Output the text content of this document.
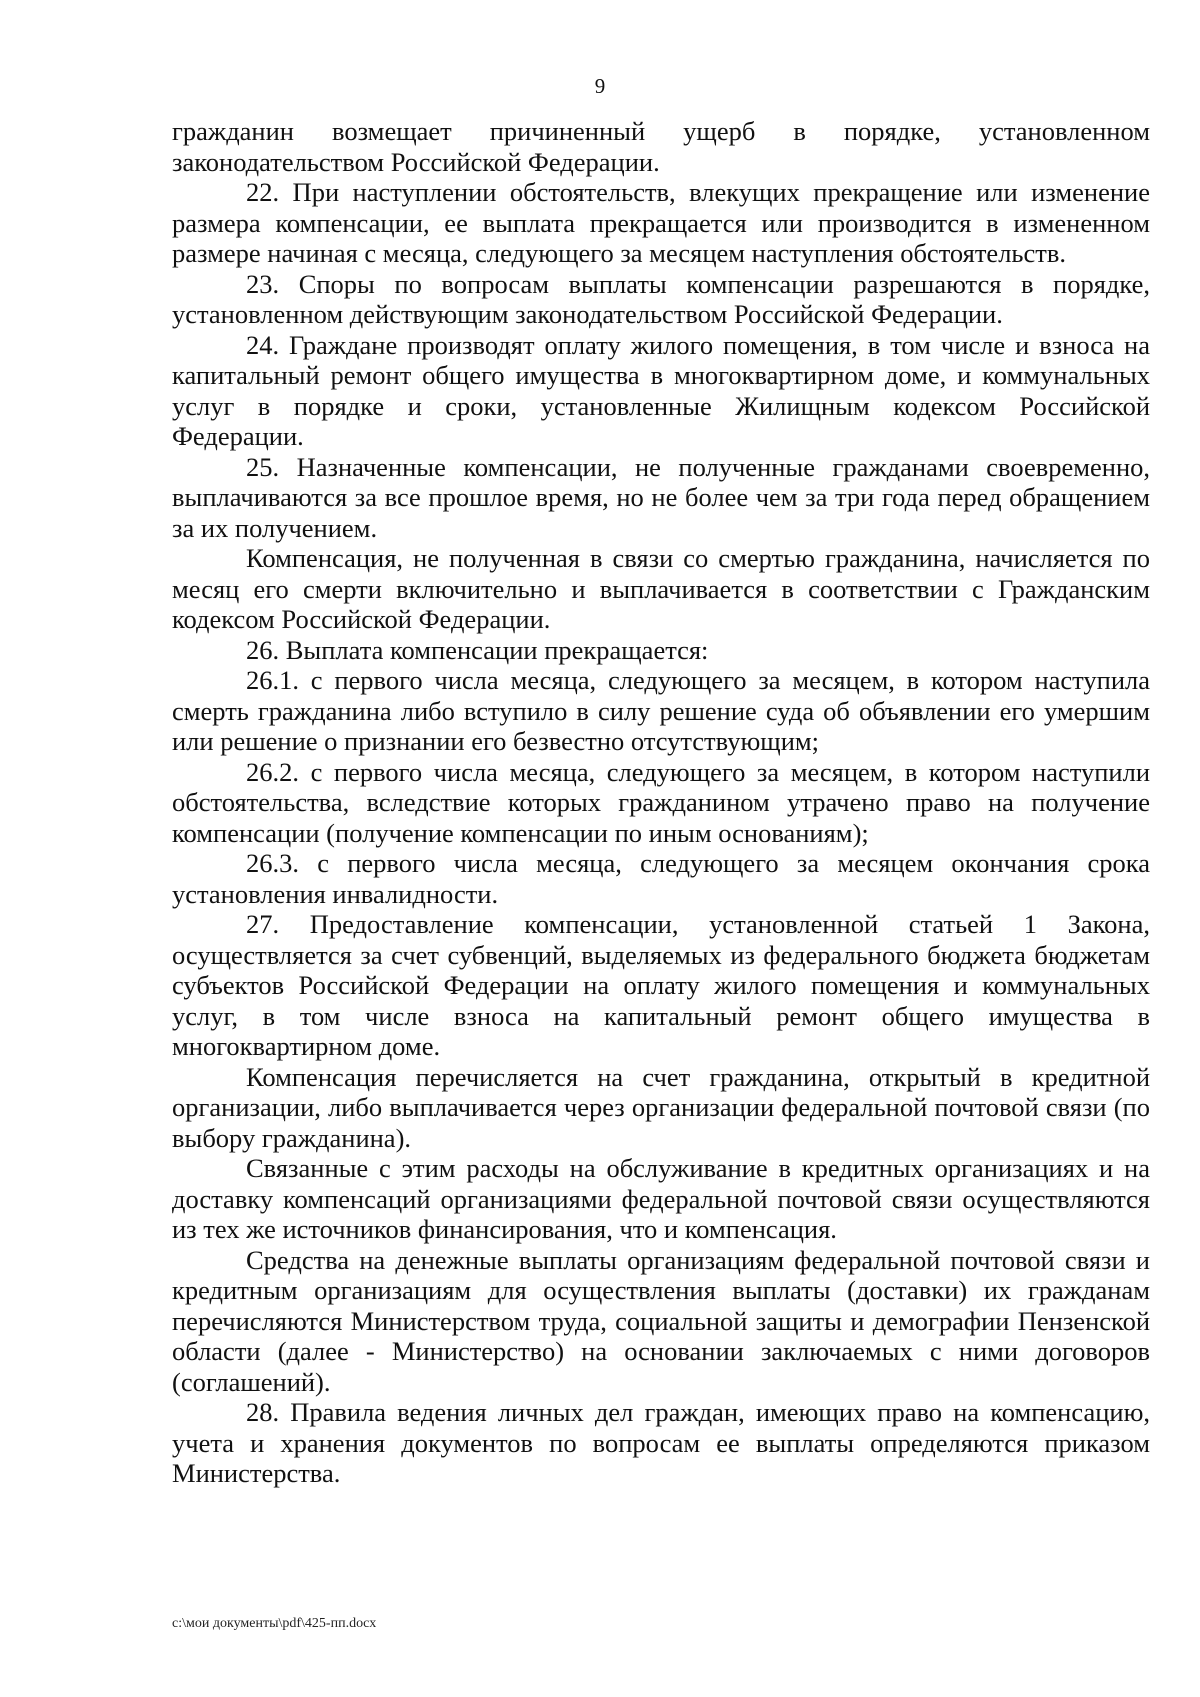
9

гражданин возмещает причиненный ущерб в порядке, установленном законодательством Российской Федерации.

22. При наступлении обстоятельств, влекущих прекращение или изменение размера компенсации, ее выплата прекращается или производится в измененном размере начиная с месяца, следующего за месяцем наступления обстоятельств.

23. Споры по вопросам выплаты компенсации разрешаются в порядке, установленном действующим законодательством Российской Федерации.

24. Граждане производят оплату жилого помещения, в том числе и взноса на капитальный ремонт общего имущества в многоквартирном доме, и коммунальных услуг в порядке и сроки, установленные Жилищным кодексом Российской Федерации.

25. Назначенные компенсации, не полученные гражданами своевременно, выплачиваются за все прошлое время, но не более чем за три года перед обращением за их получением.

Компенсация, не полученная в связи со смертью гражданина, начисляется по месяц его смерти включительно и выплачивается в соответствии с Гражданским кодексом Российской Федерации.

26. Выплата компенсации прекращается:

26.1. с первого числа месяца, следующего за месяцем, в котором наступила смерть гражданина либо вступило в силу решение суда об объявлении его умершим или решение о признании его безвестно отсутствующим;

26.2. с первого числа месяца, следующего за месяцем, в котором наступили обстоятельства, вследствие которых гражданином утрачено право на получение компенсации (получение компенсации по иным основаниям);

26.3. с первого числа месяца, следующего за месяцем окончания срока установления инвалидности.

27. Предоставление компенсации, установленной статьей 1 Закона, осуществляется за счет субвенций, выделяемых из федерального бюджета бюджетам субъектов Российской Федерации на оплату жилого помещения и коммунальных услуг, в том числе взноса на капитальный ремонт общего имущества в многоквартирном доме.

Компенсация перечисляется на счет гражданина, открытый в кредитной организации, либо выплачивается через организации федеральной почтовой связи (по выбору гражданина).

Связанные с этим расходы на обслуживание в кредитных организациях и на доставку компенсаций организациями федеральной почтовой связи осуществляются из тех же источников финансирования, что и компенсация.

Средства на денежные выплаты организациям федеральной почтовой связи и кредитным организациям для осуществления выплаты (доставки) их гражданам перечисляются Министерством труда, социальной защиты и демографии Пензенской области (далее - Министерство) на основании заключаемых с ними договоров (соглашений).

28. Правила ведения личных дел граждан, имеющих право на компенсацию, учета и хранения документов по вопросам ее выплаты определяются приказом Министерства.

c:\мои документы\pdf\425-пп.docx
